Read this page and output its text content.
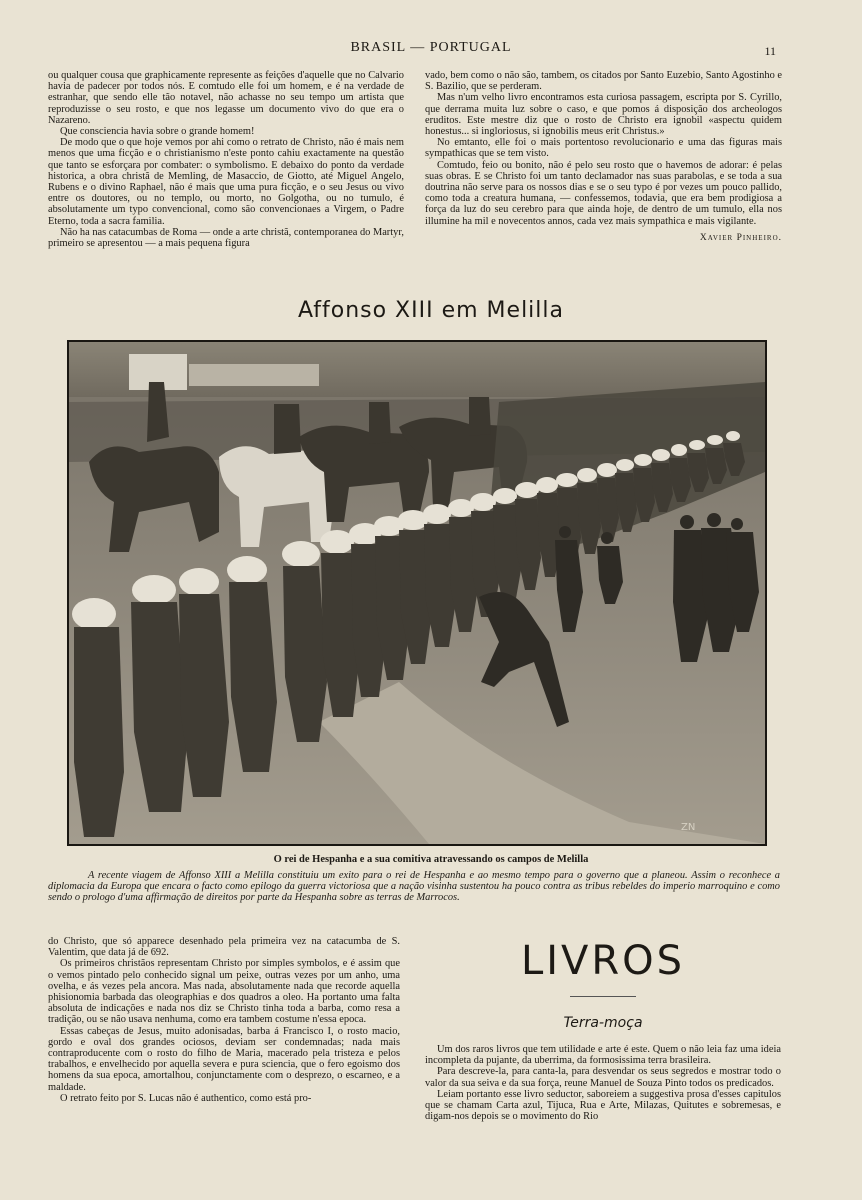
BRASIL — PORTUGAL	11

ou qualquer cousa que graphicamente represente as feições d'aquelle que no Calvario havia de padecer por todos nós. E comtudo elle foi um homem, e é na verdade de estranhar, que sendo elle tão notavel, não achasse no seu tempo um artista que reproduzisse o seu rosto, e que nos legasse um documento vivo do que era o Nazareno.

Que consciencia havia sobre o grande homem!

De modo que o que hoje vemos por ahi como o retrato de Christo, não é mais nem menos que uma ficção e o christianismo n'este ponto cahiu exactamente na questão que tanto se esforçara por combater: o symbolismo. E debaixo do ponto da verdade historica, a obra christã de Memling, de Masaccio, de Giotto, até Miguel Angelo, Rubens e o divino Raphael, não é mais que uma pura ficção, e o seu Jesus ou vivo entre os doutores, ou no templo, ou morto, no Golgotha, ou no tumulo, é absolutamente um typo convencional, como são convencionaes a Virgem, o Padre Eterno, toda a sacra familia.

Não ha nas catacumbas de Roma — onde a arte christã, contemporanea do Martyr, primeiro se apresentou — a mais pequena figura

vado, bem como o não são, tambem, os citados por Santo Euzebio, Santo Agostinho e S. Bazilio, que se perderam.

Mas n'um velho livro encontramos esta curiosa passagem, escripta por S. Cyrillo, que derrama muita luz sobre o caso, e que pomos á disposição dos archeologos eruditos. Este mestre diz que o rosto de Christo era ignobil «aspectu quidem honestus... si ingloriosus, si ignobilis meus erit Christus.»

No emtanto, elle foi o mais portentoso revolucionario e uma das figuras mais sympathicas que se tem visto.

Comtudo, feio ou bonito, não é pelo seu rosto que o havemos de adorar: é pelas suas obras. E se Christo foi um tanto declamador nas suas parabolas, e se toda a sua doutrina não serve para os nossos dias e se o seu typo é por vezes um pouco pallido, como toda a creatura humana, — confessemos, todavia, que era bem prodigiosa a força da luz do seu cerebro para que ainda hoje, de dentro de um tumulo, ella nos illumine ha mil e novecentos annos, cada vez mais sympathica e mais vigilante.

Xavier Pinheiro.
Affonso XIII em Melilla
ZN
O rei de Hespanha e a sua comitiva atravessando os campos de Melilla

A recente viagem de Affonso XIII a Melilla constituiu um exito para o rei de Hespanha e ao mesmo tempo para o governo que a planeou. Assim o reconhece a diplomacia da Europa que encara o facto como epilogo da guerra victoriosa que a nação visinha sustentou ha pouco contra as tribus rebeldes do imperio marroquino e como sendo o prologo d'uma affirmação de direitos por parte da Hespanha sobre as terras de Marrocos.

do Christo, que só apparece desenhado pela primeira vez na catacumba de S. Valentim, que data já de 692.

Os primeiros christãos representam Christo por simples symbolos, e é assim que o vemos pintado pelo conhecido signal um peixe, outras vezes por um anho, uma ovelha, e ás vezes pela ancora. Mas nada, absolutamente nada que recorde aquella phisionomia barbada das oleographias e dos quadros a oleo. Ha portanto uma falta absoluta de indicações e nada nos diz se Christo tinha toda a barba, como resa a tradição, ou se não usava nenhuma, como era tambem costume n'essa epoca.

Essas cabeças de Jesus, muito adonisadas, barba á Francisco I, o rosto macio, gordo e oval dos grandes ociosos, deviam ser condemnadas; nada mais contraproducente com o rosto do filho de Maria, macerado pela tristeza e pelos trabalhos, e envelhecido por aquella severa e pura sciencia, que o fero egoismo dos homens da sua epoca, amortalhou, conjunctamente com o desprezo, o escarneo, e a maldade.

O retrato feito por S. Lucas não é authentico, como está pro-

LIVROS
Terra-moça

Um dos raros livros que tem utilidade e arte é este. Quem o não leia faz uma ideia incompleta da pujante, da uberrima, da formosissima terra brasileira.

Para descreve-la, para canta-la, para desvendar os seus segredos e mostrar todo o valor da sua seiva e da sua força, reune Manuel de Souza Pinto todos os predicados.

Leiam portanto esse livro seductor, saboreiem a suggestiva prosa d'esses capitulos que se chamam Carta azul, Tijuca, Rua e Arte, Milazas, Quitutes e sobremesas, e digam-nos depois se o movimento do Rio
